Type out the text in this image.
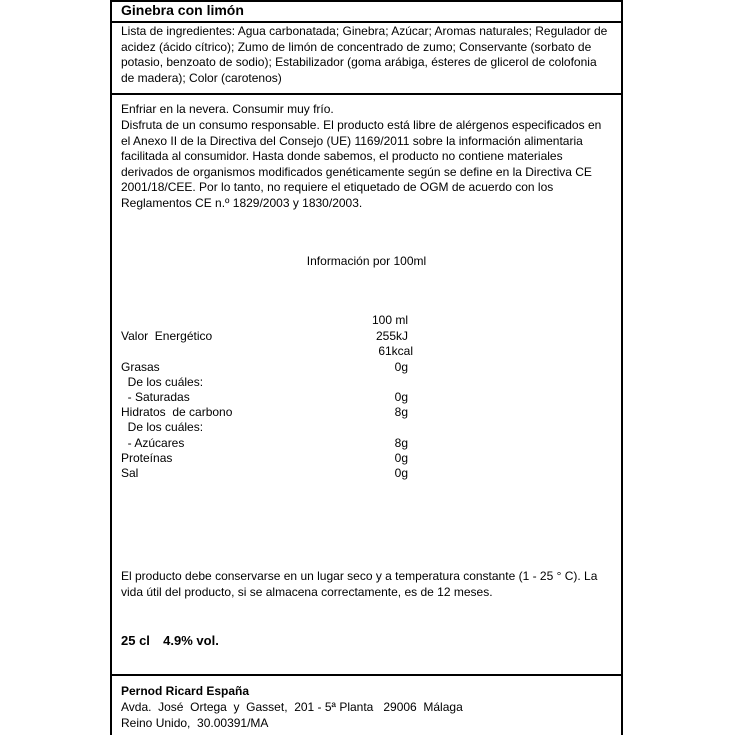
Ginebra con limón

Lista de ingredientes: Agua carbonatada; Ginebra; Azúcar; Aromas naturales; Regulador de acidez (ácido cítrico); Zumo de limón de concentrado de zumo; Conservante (sorbato de potasio, benzoato de sodio); Estabilizador (goma arábiga, ésteres de glicerol de colofonia de madera); Color (carotenos)

Enfriar en la nevera. Consumir muy frío.

Disfruta de un consumo responsable. El producto está libre de alérgenos especificados en el Anexo II de la Directiva del Consejo (UE) 1169/2011 sobre la información alimentaria facilitada al consumidor. Hasta donde sabemos, el producto no contiene materiales derivados de organismos modificados genéticamente según se define en la Directiva CE 2001/18/CEE. Por lo tanto, no requiere el etiquetado de OGM de acuerdo con los Reglamentos CE n.º 1829/2003 y 1830/2003.

Información por 100ml
100 ml
Valor  Energético	255kJ
61kcal
Grasas	0g
De los cuáles:
- Saturadas	0g
Hidratos  de carbono	8g
De los cuáles:
- Azúcares	8g
Proteínas	0g
Sal	0g

El producto debe conservarse en un lugar seco y a temperatura constante (1 - 25 ° C). La vida útil del producto, si se almacena correctamente, es de 12 meses.

25 cl 4.9% vol.
Pernod Ricard España
Avda.  José  Ortega  y  Gasset,  201 - 5ª Planta   29006  Málaga
Reino Unido,  30.00391/MA
